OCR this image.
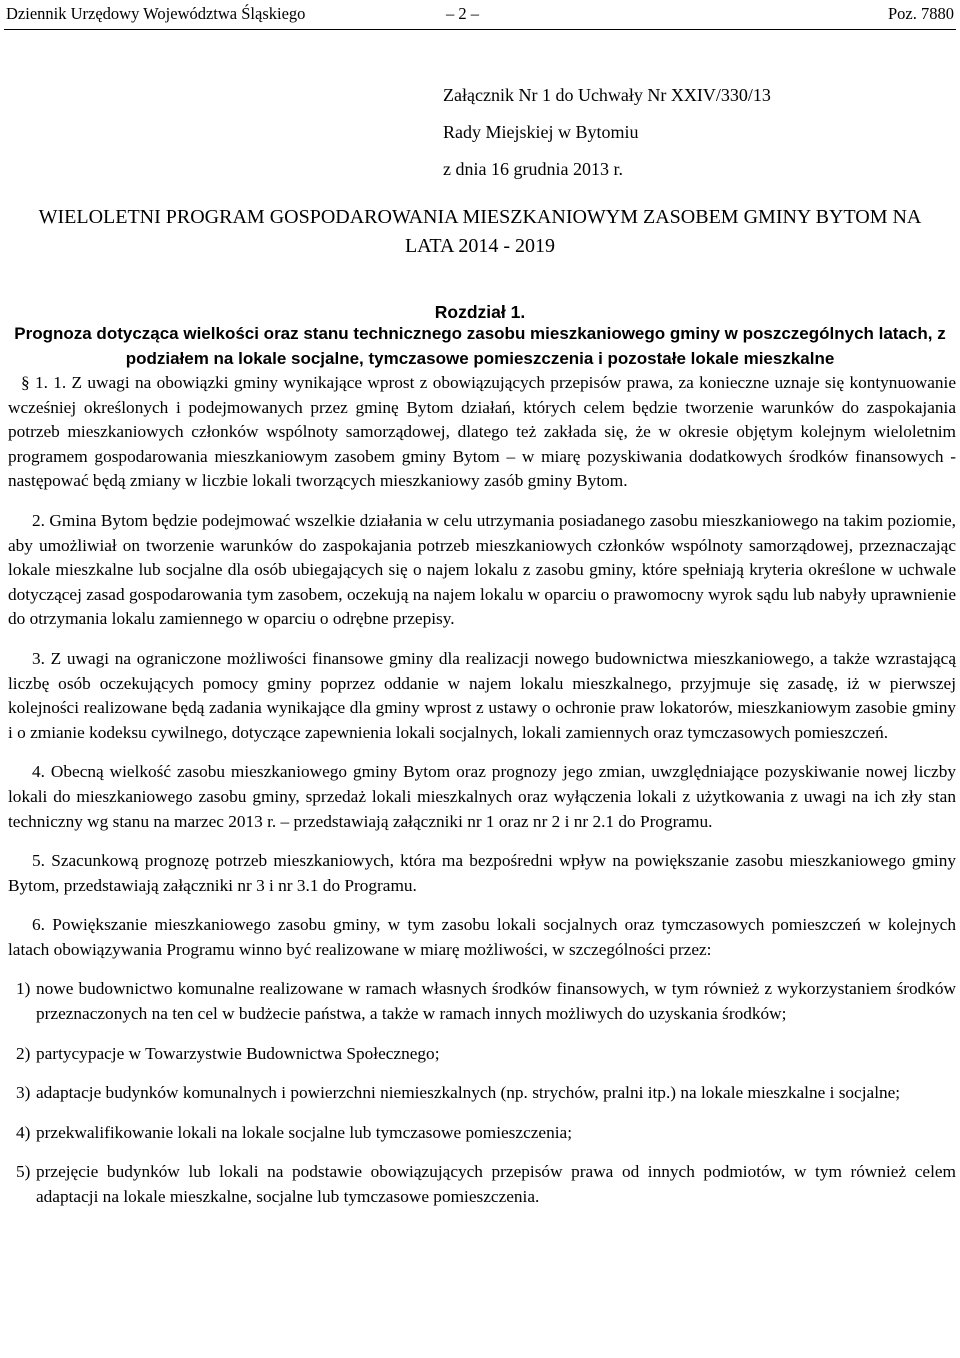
Dziennik Urzędowy Województwa Śląskiego	– 2 –	Poz. 7880
Załącznik Nr 1 do Uchwały Nr XXIV/330/13
Rady Miejskiej w Bytomiu
z dnia 16 grudnia 2013 r.
WIELOLETNI PROGRAM GOSPODAROWANIA MIESZKANIOWYM ZASOBEM GMINY BYTOM NA LATA 2014 - 2019
Rozdział 1.
Prognoza dotycząca wielkości oraz stanu technicznego zasobu mieszkaniowego gminy w poszczególnych latach, z podziałem na lokale socjalne, tymczasowe pomieszczenia i pozostałe lokale mieszkalne

§ 1. 1. Z uwagi na obowiązki gminy wynikające wprost z obowiązujących przepisów prawa, za konieczne uznaje się kontynuowanie wcześniej określonych i podejmowanych przez gminę Bytom działań, których celem będzie tworzenie warunków do zaspokajania potrzeb mieszkaniowych członków wspólnoty samorządowej, dlatego też zakłada się, że w okresie objętym kolejnym wieloletnim programem gospodarowania mieszkaniowym zasobem gminy Bytom – w miarę pozyskiwania dodatkowych środków finansowych - następować będą zmiany w liczbie lokali tworzących mieszkaniowy zasób gminy Bytom.

2. Gmina Bytom będzie podejmować wszelkie działania w celu utrzymania posiadanego zasobu mieszkaniowego na takim poziomie, aby umożliwiał on tworzenie warunków do zaspokajania potrzeb mieszkaniowych członków wspólnoty samorządowej, przeznaczając lokale mieszkalne lub socjalne dla osób ubiegających się o najem lokalu z zasobu gminy, które spełniają kryteria określone w uchwale dotyczącej zasad gospodarowania tym zasobem, oczekują na najem lokalu w oparciu o prawomocny wyrok sądu lub nabyły uprawnienie do otrzymania lokalu zamiennego w oparciu o odrębne przepisy.

3. Z uwagi na ograniczone możliwości finansowe gminy dla realizacji nowego budownictwa mieszkaniowego, a także wzrastającą liczbę osób oczekujących pomocy gminy poprzez oddanie w najem lokalu mieszkalnego, przyjmuje się zasadę, iż w pierwszej kolejności realizowane będą zadania wynikające dla gminy wprost z ustawy o ochronie praw lokatorów, mieszkaniowym zasobie gminy i o zmianie kodeksu cywilnego, dotyczące zapewnienia lokali socjalnych, lokali zamiennych oraz tymczasowych pomieszczeń.

4. Obecną wielkość zasobu mieszkaniowego gminy Bytom oraz prognozy jego zmian, uwzględniające pozyskiwanie nowej liczby lokali do mieszkaniowego zasobu gminy, sprzedaż lokali mieszkalnych oraz wyłączenia lokali z użytkowania z uwagi na ich zły stan techniczny wg stanu na marzec 2013 r. – przedstawiają załączniki nr 1 oraz nr 2 i nr 2.1 do Programu.

5. Szacunkową prognozę potrzeb mieszkaniowych, która ma bezpośredni wpływ na powiększanie zasobu mieszkaniowego gminy Bytom, przedstawiają załączniki nr 3 i nr 3.1 do Programu.

6. Powiększanie mieszkaniowego zasobu gminy, w tym zasobu lokali socjalnych oraz tymczasowych pomieszczeń w kolejnych latach obowiązywania Programu winno być realizowane w miarę możliwości, w szczególności przez:

1) nowe budownictwo komunalne realizowane w ramach własnych środków finansowych, w tym również z wykorzystaniem środków przeznaczonych na ten cel w budżecie państwa, a także w ramach innych możliwych do uzyskania środków;
2) partycypacje w Towarzystwie Budownictwa Społecznego;
3) adaptacje budynków komunalnych i powierzchni niemieszkalnych (np. strychów, pralni itp.) na lokale mieszkalne i socjalne;
4) przekwalifikowanie lokali na lokale socjalne lub tymczasowe pomieszczenia;
5) przejęcie budynków lub lokali na podstawie obowiązujących przepisów prawa od innych podmiotów, w tym również celem adaptacji na lokale mieszkalne, socjalne lub tymczasowe pomieszczenia.
